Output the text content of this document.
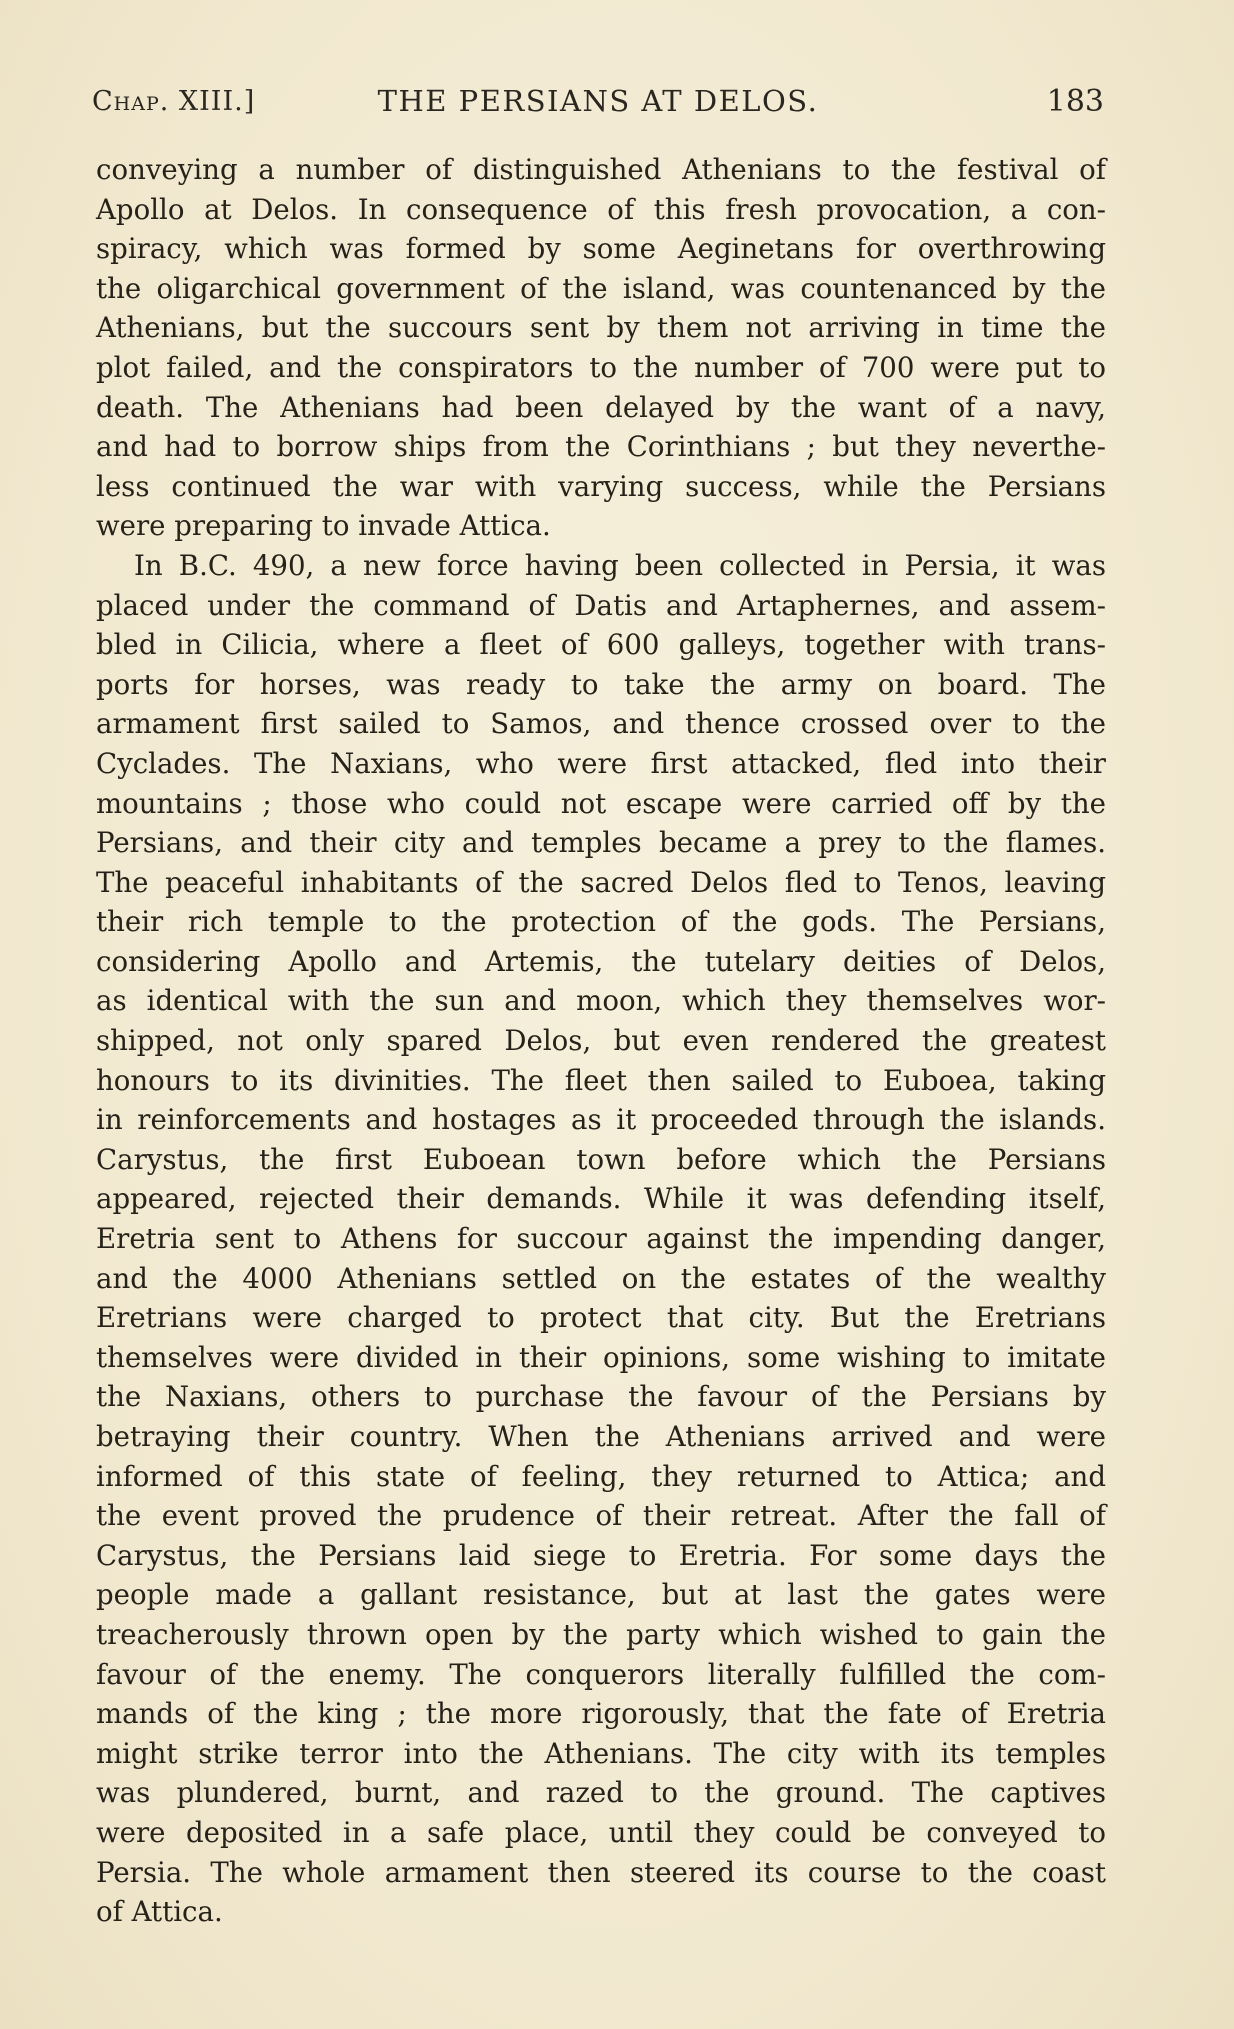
Chap. XIII.]	THE PERSIANS AT DELOS.	183
conveying a number of distinguished Athenians to the festival of
Apollo at Delos. In consequence of this fresh provocation, a con-
spiracy, which was formed by some Aeginetans for overthrowing
the oligarchical government of the island, was countenanced by the
Athenians, but the succours sent by them not arriving in time the
plot failed, and the conspirators to the number of 700 were put to
death. The Athenians had been delayed by the want of a navy,
and had to borrow ships from the Corinthians ; but they neverthe-
less continued the war with varying success, while the Persians
were preparing to invade Attica.
In B.C. 490, a new force having been collected in Persia, it was
placed under the command of Datis and Artaphernes, and assem-
bled in Cilicia, where a fleet of 600 galleys, together with trans-
ports for horses, was ready to take the army on board. The
armament first sailed to Samos, and thence crossed over to the
Cyclades. The Naxians, who were first attacked, fled into their
mountains ; those who could not escape were carried off by the
Persians, and their city and temples became a prey to the flames.
The peaceful inhabitants of the sacred Delos fled to Tenos, leaving
their rich temple to the protection of the gods. The Persians,
considering Apollo and Artemis, the tutelary deities of Delos,
as identical with the sun and moon, which they themselves wor-
shipped, not only spared Delos, but even rendered the greatest
honours to its divinities. The fleet then sailed to Euboea, taking
in reinforcements and hostages as it proceeded through the islands.
Carystus, the first Euboean town before which the Persians
appeared, rejected their demands. While it was defending itself,
Eretria sent to Athens for succour against the impending danger,
and the 4000 Athenians settled on the estates of the wealthy
Eretrians were charged to protect that city. But the Eretrians
themselves were divided in their opinions, some wishing to imitate
the Naxians, others to purchase the favour of the Persians by
betraying their country. When the Athenians arrived and were
informed of this state of feeling, they returned to Attica; and
the event proved the prudence of their retreat. After the fall of
Carystus, the Persians laid siege to Eretria. For some days the
people made a gallant resistance, but at last the gates were
treacherously thrown open by the party which wished to gain the
favour of the enemy. The conquerors literally fulfilled the com-
mands of the king ; the more rigorously, that the fate of Eretria
might strike terror into the Athenians. The city with its temples
was plundered, burnt, and razed to the ground. The captives
were deposited in a safe place, until they could be conveyed to
Persia. The whole armament then steered its course to the coast
of Attica.
